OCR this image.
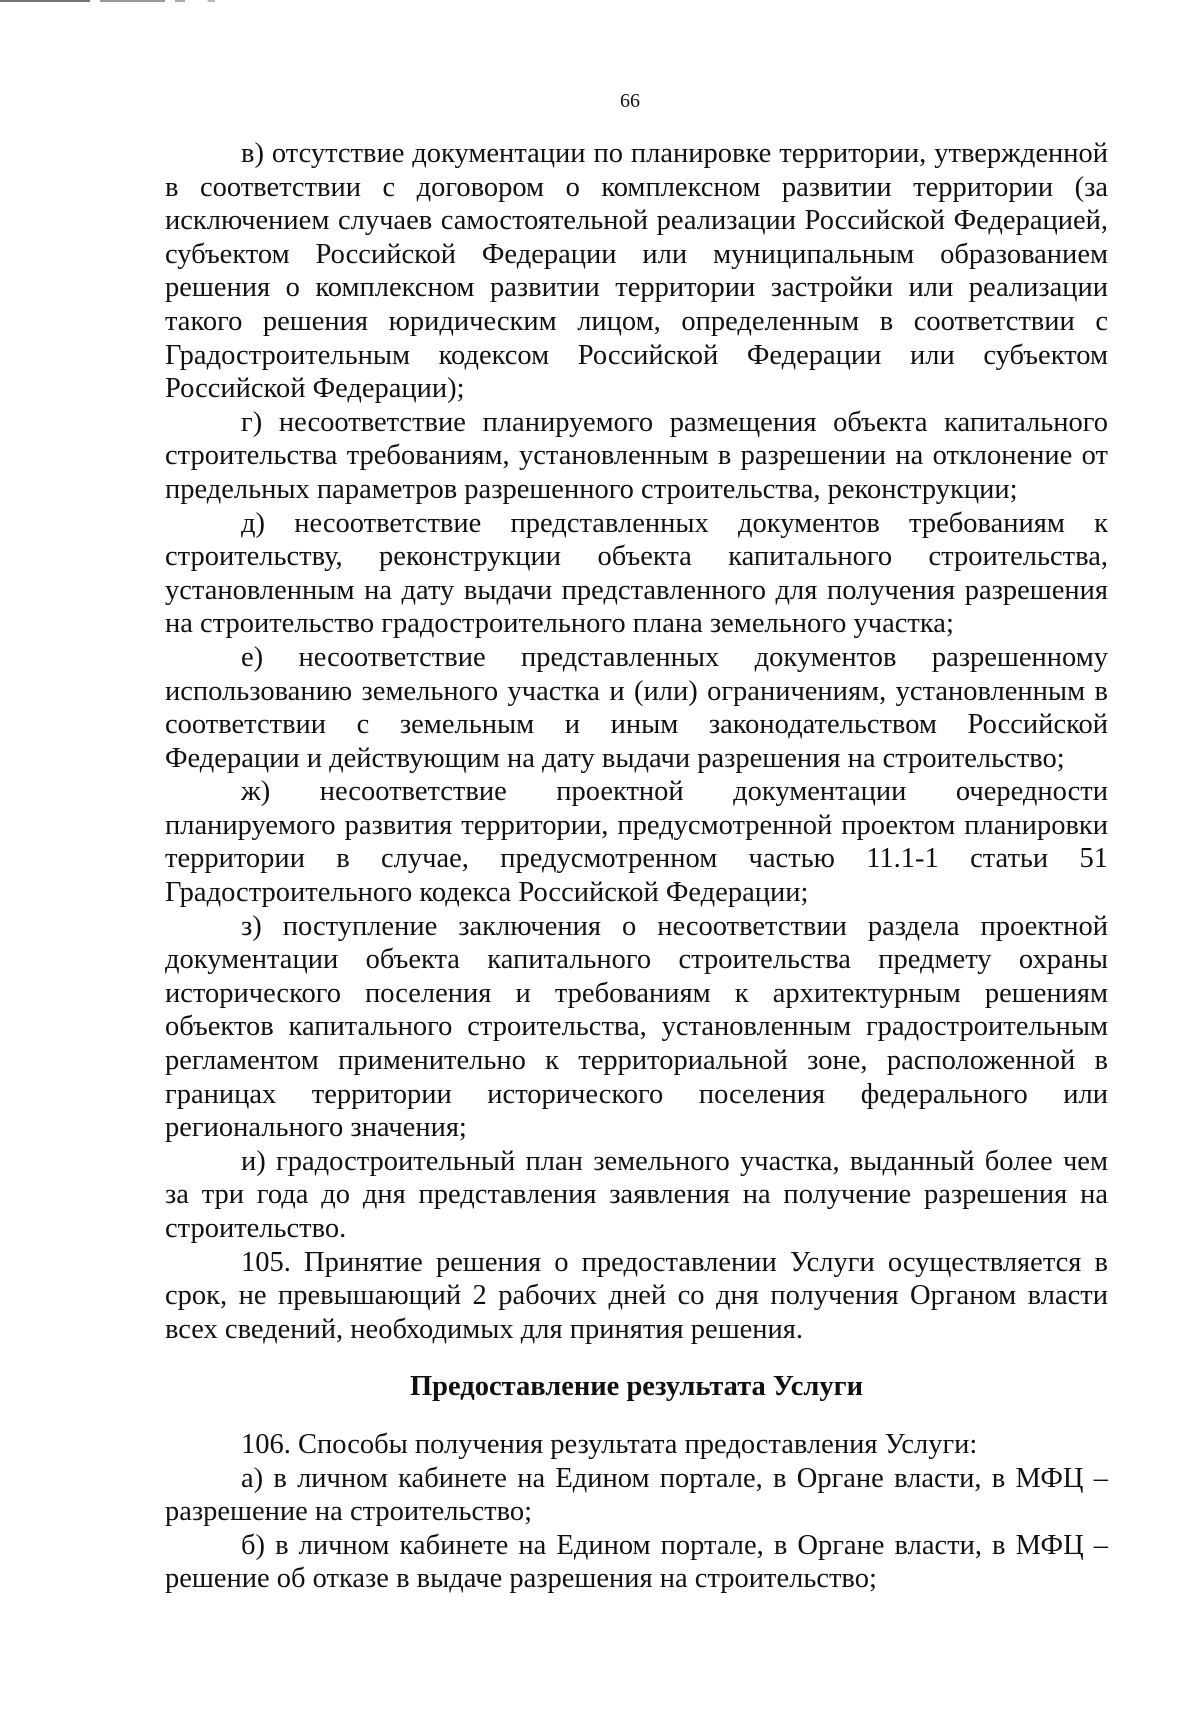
66

в) отсутствие документации по планировке территории, утвержденной в соответствии с договором о комплексном развитии территории (за исключением случаев самостоятельной реализации Российской Федерацией, субъектом Российской Федерации или муниципальным образованием решения о комплексном развитии территории застройки или реализации такого решения юридическим лицом, определенным в соответствии с Градостроительным кодексом Российской Федерации или субъектом Российской Федерации);

г) несоответствие планируемого размещения объекта капитального строительства требованиям, установленным в разрешении на отклонение от предельных параметров разрешенного строительства, реконструкции;

д) несоответствие представленных документов требованиям к строительству, реконструкции объекта капитального строительства, установленным на дату выдачи представленного для получения разрешения на строительство градостроительного плана земельного участка;

е) несоответствие представленных документов разрешенному использованию земельного участка и (или) ограничениям, установленным в соответствии с земельным и иным законодательством Российской Федерации и действующим на дату выдачи разрешения на строительство;

ж) несоответствие проектной документации очередности планируемого развития территории, предусмотренной проектом планировки территории в случае, предусмотренном частью 11.1-1 статьи 51 Градостроительного кодекса Российской Федерации;

з) поступление заключения о несоответствии раздела проектной документации объекта капитального строительства предмету охраны исторического поселения и требованиям к архитектурным решениям объектов капитального строительства, установленным градостроительным регламентом применительно к территориальной зоне, расположенной в границах территории исторического поселения федерального или регионального значения;

и) градостроительный план земельного участка, выданный более чем за три года до дня представления заявления на получение разрешения на строительство.

105. Принятие решения о предоставлении Услуги осуществляется в срок, не превышающий 2 рабочих дней со дня получения Органом власти всех сведений, необходимых для принятия решения.

Предоставление результата Услуги

106. Способы получения результата предоставления Услуги:

а) в личном кабинете на Едином портале, в Органе власти, в МФЦ – разрешение на строительство;

б) в личном кабинете на Едином портале, в Органе власти, в МФЦ – решение об отказе в выдаче разрешения на строительство;
